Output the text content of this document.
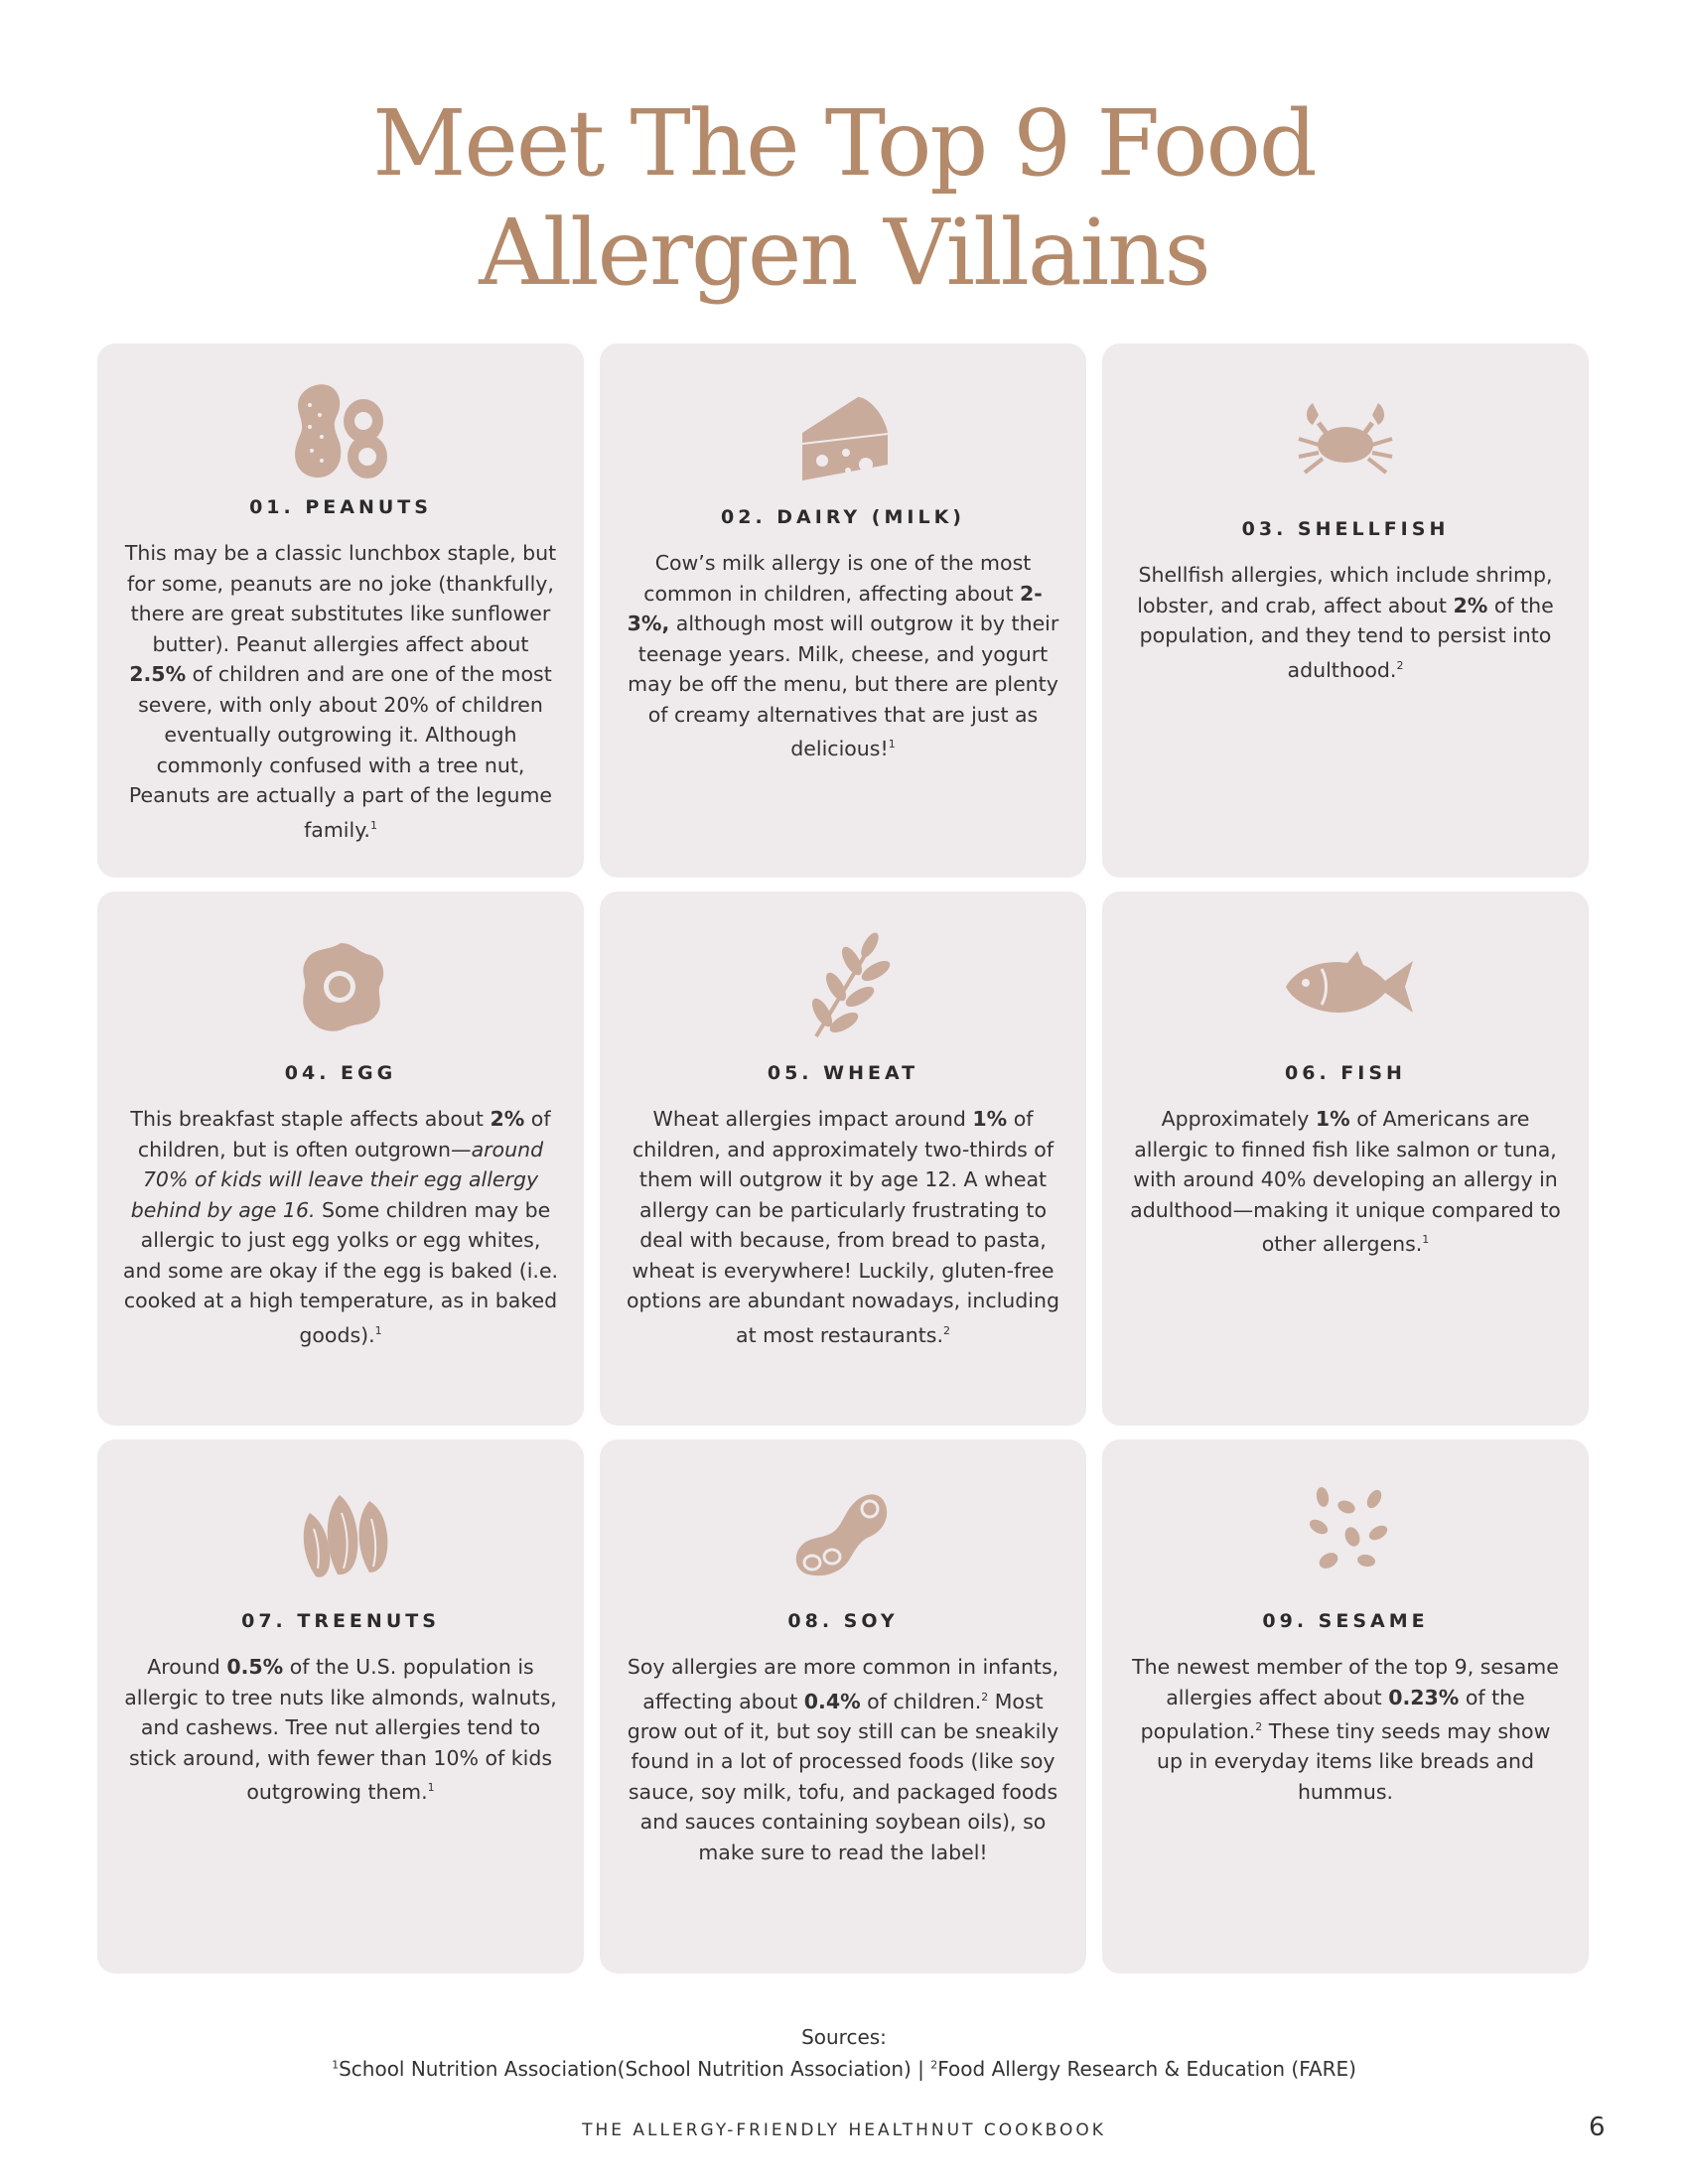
Meet The Top 9 Food
Allergen Villains

01. PEANUTS

This may be a classic lunchbox staple, but for some, peanuts are no joke (thankfully, there are great substitutes like sunflower butter). Peanut allergies affect about 2.5% of children and are one of the most severe, with only about 20% of children eventually outgrowing it. Although commonly confused with a tree nut, Peanuts are actually a part of the legume family.$^1$

02. DAIRY (MILK)

Cow’s milk allergy is one of the most common in children, affecting about 2-3%, although most will outgrow it by their teenage years. Milk, cheese, and yogurt may be off the menu, but there are plenty of creamy alternatives that are just as delicious!$^1$

03. SHELLFISH

Shellfish allergies, which include shrimp, lobster, and crab, affect about 2% of the population, and they tend to persist into adulthood.$^2$

04. EGG

This breakfast staple affects about 2% of children, but is often outgrown—around 70% of kids will leave their egg allergy behind by age 16. Some children may be allergic to just egg yolks or egg whites, and some are okay if the egg is baked (i.e. cooked at a high temperature, as in baked goods).$^1$

05. WHEAT

Wheat allergies impact around 1% of children, and approximately two-thirds of them will outgrow it by age 12. A wheat allergy can be particularly frustrating to deal with because, from bread to pasta, wheat is everywhere! Luckily, gluten-free options are abundant nowadays, including at most restaurants.$^2$

06. FISH

Approximately 1% of Americans are allergic to finned fish like salmon or tuna, with around 40% developing an allergy in adulthood—making it unique compared to other allergens.$^1$

07. TREENUTS

Around 0.5% of the U.S. population is allergic to tree nuts like almonds, walnuts, and cashews. Tree nut allergies tend to stick around, with fewer than 10% of kids outgrowing them.$^1$

08. SOY

Soy allergies are more common in infants, affecting about 0.4% of children.$^2$ Most grow out of it, but soy still can be sneakily found in a lot of processed foods (like soy sauce, soy milk, tofu, and packaged foods and sauces containing soybean oils), so make sure to read the label!

09. SESAME

The newest member of the top 9, sesame allergies affect about 0.23% of the population.$^2$ These tiny seeds may show up in everyday items like breads and hummus.

Sources:
$^1$School Nutrition Association(School Nutrition Association) | $^2$Food Allergy Research & Education (FARE)
THE ALLERGY-FRIENDLY HEALTHNUT COOKBOOK	6
